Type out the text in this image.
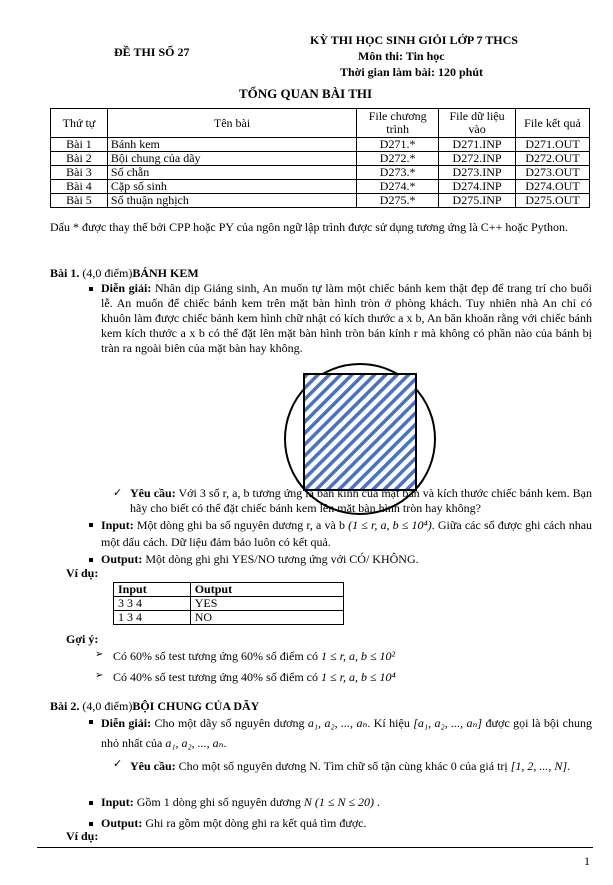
ĐỀ THI SỐ 27
KỲ THI HỌC SINH GIỎI LỚP 7 THCS
Môn thi: Tin học
Thời gian làm bài: 120 phút
TỔNG QUAN BÀI THI
Thứ tự	Tên bài	File chương trình	File dữ liệu vào	File kết quả
Bài 1	Bánh kem	D271.*	D271.INP	D271.OUT
Bài 2	Bội chung của dãy	D272.*	D272.INP	D272.OUT
Bài 3	Số chẵn	D273.*	D273.INP	D273.OUT
Bài 4	Cặp số sinh	D274.*	D274.INP	D274.OUT
Bài 5	Số thuận nghịch	D275.*	D275.INP	D275.OUT
Dấu * được thay thế bởi CPP hoặc PY của ngôn ngữ lập trình được sử dụng tương ứng là C++ hoặc Python.
Bài 1. (4,0 điểm)BÁNH KEM
Diễn giải: Nhân dịp Giáng sinh, An muốn tự làm một chiếc bánh kem thật đẹp để trang trí cho buổi lễ. An muốn để chiếc bánh kem trên mặt bàn hình tròn ở phòng khách. Tuy nhiên nhà An chỉ có khuôn làm được chiếc bánh kem hình chữ nhật có kích thước a x b, An băn khoăn rằng với chiếc bánh kem kích thước a x b có thể đặt lên mặt bàn hình tròn bán kính r mà không có phần nào của bánh bị tràn ra ngoài biên của mặt bàn hay không.
✓ Yêu cầu: Với 3 số r, a, b tương ứng là bán kính của mặt bàn và kích thước chiếc bánh kem. Bạn hãy cho biết có thể đặt chiếc bánh kem lên mặt bàn hình tròn hay không?
Input: Một dòng ghi ba số nguyên dương r, a và b (1 ≤ r, a, b ≤ 10⁴). Giữa các số được ghi cách nhau một dấu cách. Dữ liệu đảm bảo luôn có kết quả.
Output: Một dòng ghi ghi YES/NO tương ứng với CÓ/ KHÔNG.
Ví dụ:
Input	Output
3 3 4	YES
1 3 4	NO
Gợi ý:
➢ Có 60% số test tương ứng 60% số điểm có 1 ≤ r, a, b ≤ 10²
➢ Có 40% số test tương ứng 40% số điểm có 1 ≤ r, a, b ≤ 10⁴
Bài 2. (4,0 điểm)BỘI CHUNG CỦA DÃY
Diễn giải: Cho một dãy số nguyên dương a₁, a₂, ..., aₙ. Kí hiệu [a₁, a₂, ..., aₙ] được gọi là bội chung nhỏ nhất của a₁, a₂, ..., aₙ.
✓ Yêu cầu: Cho một số nguyên dương N. Tìm chữ số tận cùng khác 0 của giá trị [1, 2, ..., N].
Input: Gồm 1 dòng ghi số nguyên dương N (1 ≤ N ≤ 20) .
Output: Ghi ra gồm một dòng ghi ra kết quả tìm được.
Ví dụ:
1
